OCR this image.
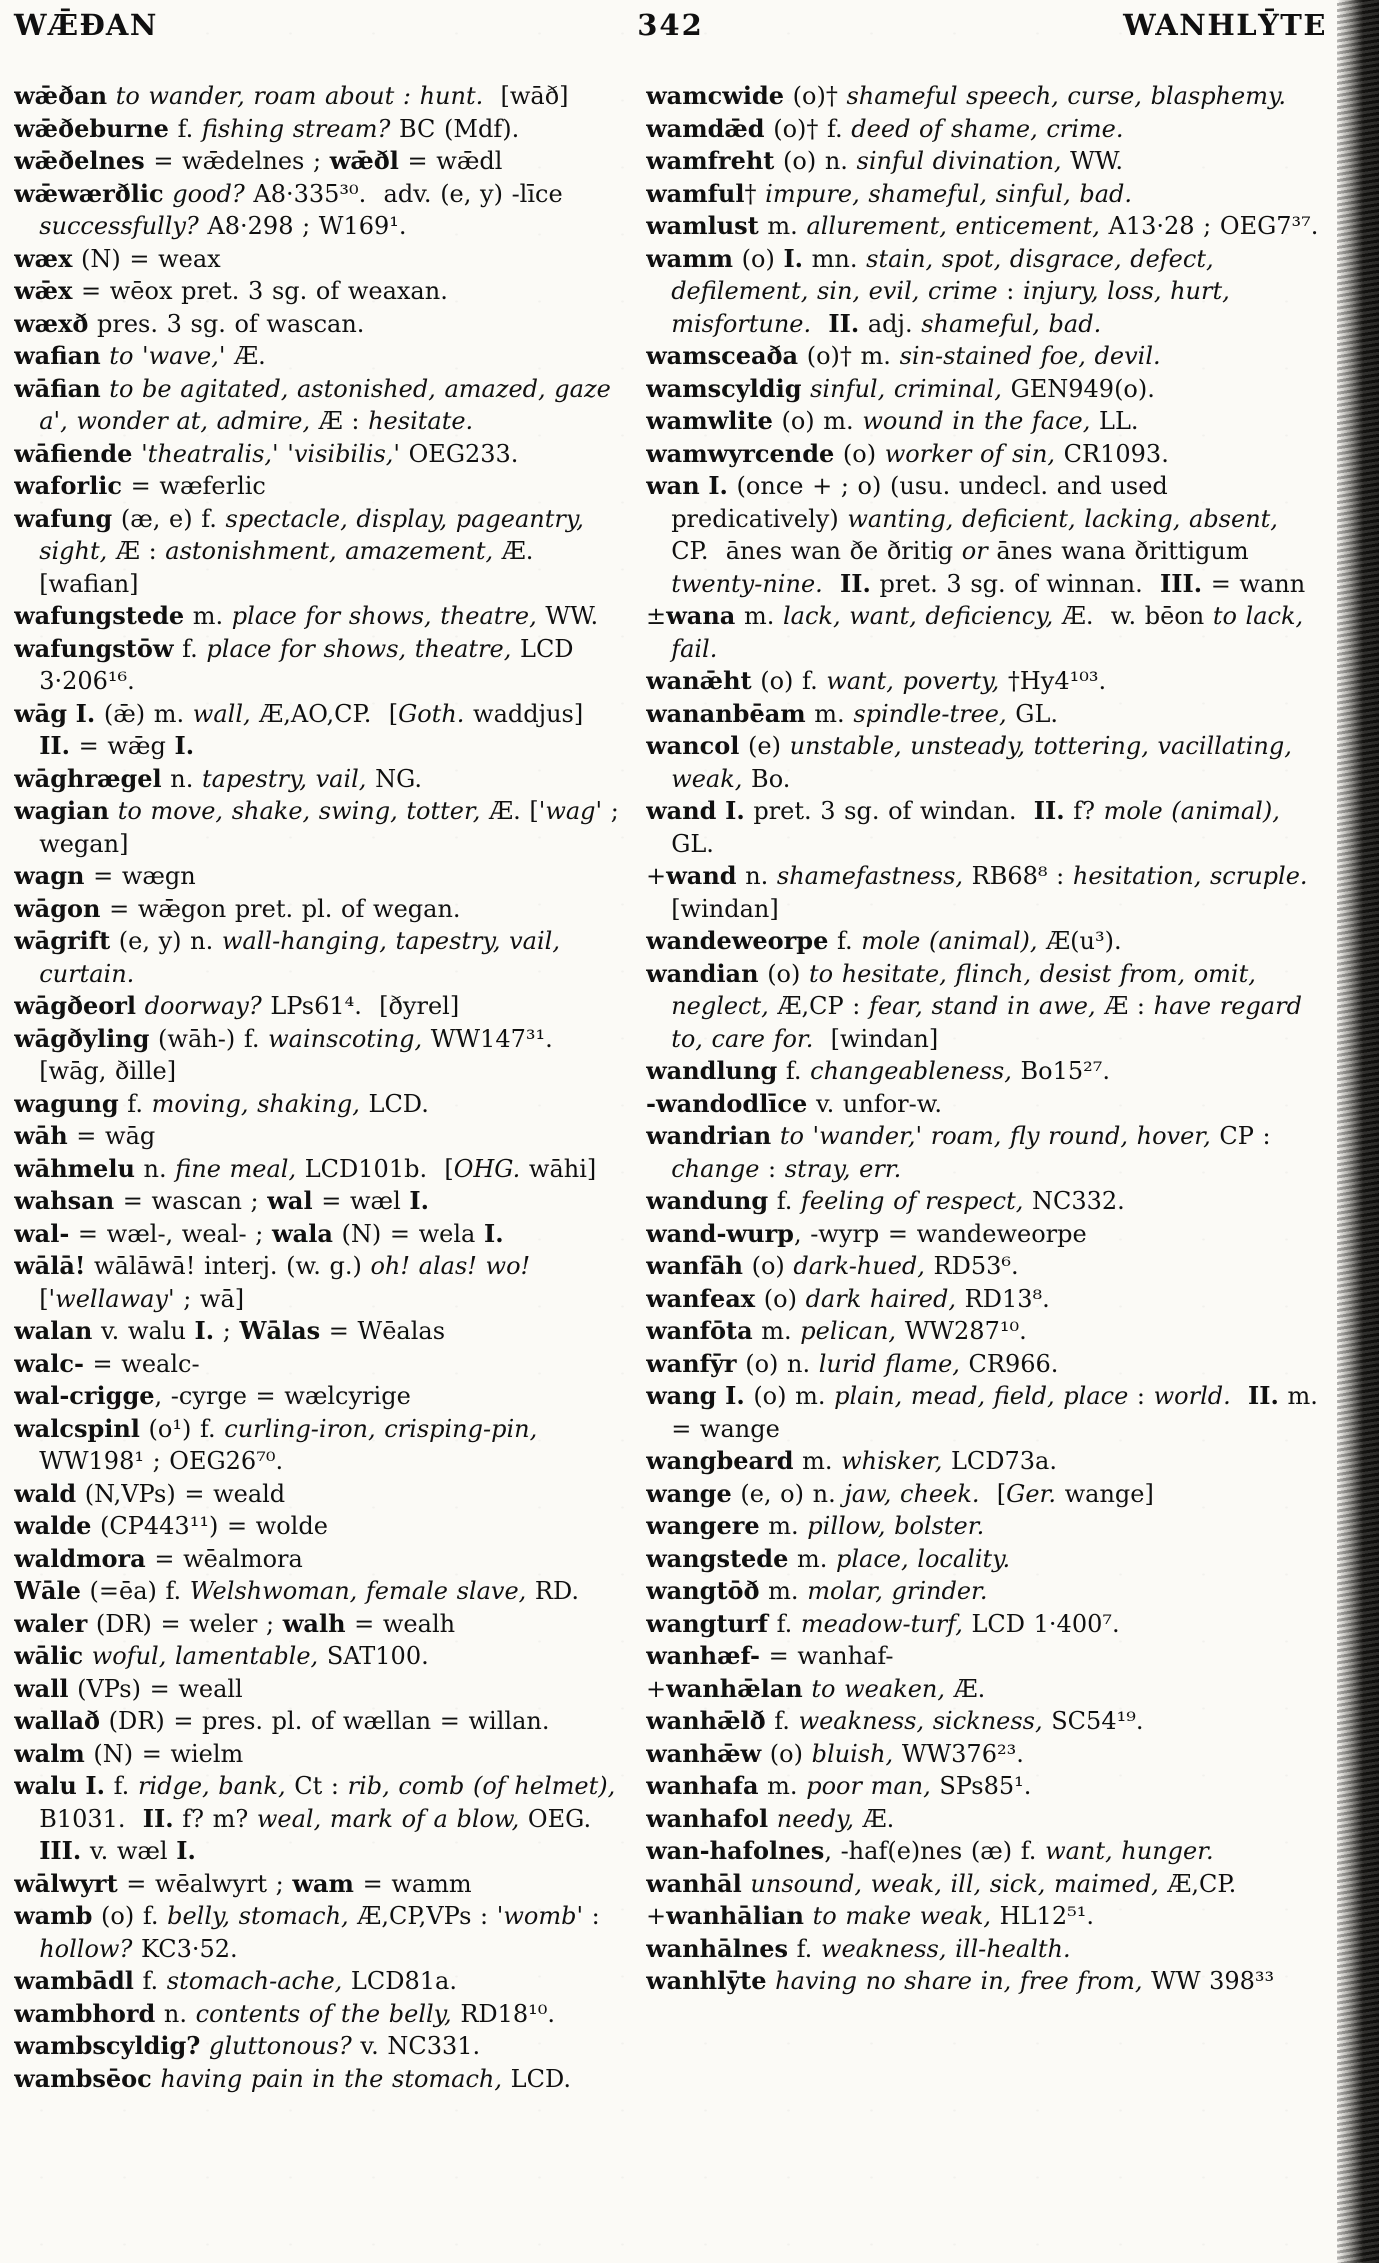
WǢÐAN	342	WANHLȲTE

wǣðan to wander, roam about : hunt.  [wāð]

wǣðeburne f. fishing stream? BC (Mdf).

wǣðelnes = wǣdelnes ; wǣðl = wǣdl

wǣwærðlic good? A8·335³⁰.  adv. (e, y) -līce successfully? A8·298 ; W169¹.

wæx (N) = weax

wǣx = wēox pret. 3 sg. of weaxan.

wæxð pres. 3 sg. of wascan.

wafian to 'wave,' Æ.

wāfian to be agitated, astonished, amazed, gaze a', wonder at, admire, Æ : hesitate.

wāfiende 'theatralis,' 'visibilis,' OEG233.

waforlic = wæferlic

wafung (æ, e) f. spectacle, display, pageantry, sight, Æ : astonishment, amazement, Æ. [wafian]

wafungstede m. place for shows, theatre, WW.

wafungstōw f. place for shows, theatre, LCD 3·206¹⁶.

wāg I. (ǣ) m. wall, Æ,AO,CP.  [Goth. waddjus]  II. = wǣg I.

wāghrægel n. tapestry, vail, NG.

wagian to move, shake, swing, totter, Æ. ['wag' ; wegan]

wagn = wægn

wāgon = wǣgon pret. pl. of wegan.

wāgrift (e, y) n. wall-hanging, tapestry, vail, curtain.

wāgðeorl doorway? LPs61⁴.  [ðyrel]

wāgðyling (wāh-) f. wainscoting, WW147³¹. [wāg, ðille]

wagung f. moving, shaking, LCD.

wāh = wāg

wāhmelu n. fine meal, LCD101b.  [OHG. wāhi]

wahsan = wascan ; wal = wæl I.

wal- = wæl-, weal- ; wala (N) = wela I.

wālā! wālāwā! interj. (w. g.) oh! alas! wo! ['wellaway' ; wā]

walan v. walu I. ; Wālas = Wēalas

walc- = wealc-

wal-crigge, -cyrge = wælcyrige

walcspinl (o¹) f. curling-iron, crisping-pin, WW198¹ ; OEG26⁷⁰.

wald (N,VPs) = weald

walde (CP443¹¹) = wolde

waldmora = wēalmora

Wāle (=ēa) f. Welshwoman, female slave, RD.

waler (DR) = weler ; walh = wealh

wālic woful, lamentable, SAT100.

wall (VPs) = weall

wallað (DR) = pres. pl. of wællan = willan.

walm (N) = wielm

walu I. f. ridge, bank, Ct : rib, comb (of helmet), B1031.  II. f? m? weal, mark of a blow, OEG.  III. v. wæl I.

wālwyrt = wēalwyrt ; wam = wamm

wamb (o) f. belly, stomach, Æ,CP,VPs : 'womb' : hollow? KC3·52.

wambādl f. stomach-ache, LCD81a.

wambhord n. contents of the belly, RD18¹⁰.

wambscyldig? gluttonous? v. NC331.

wambsēoc having pain in the stomach, LCD.

wamcwide (o)† shameful speech, curse, blasphemy.

wamdǣd (o)† f. deed of shame, crime.

wamfreht (o) n. sinful divination, WW.

wamful† impure, shameful, sinful, bad.

wamlust m. allurement, enticement, A13·28 ; OEG7³⁷.

wamm (o) I. mn. stain, spot, disgrace, defect, defilement, sin, evil, crime : injury, loss, hurt, misfortune. II. adj. shameful, bad.

wamsceaða (o)† m. sin-stained foe, devil.

wamscyldig sinful, criminal, GEN949(o).

wamwlite (o) m. wound in the face, LL.

wamwyrcende (o) worker of sin, CR1093.

wan I. (once + ; o) (usu. undecl. and used predicatively) wanting, deficient, lacking, absent, CP.  ānes wan ðe ðritig or ānes wana ðrittigum twenty-nine. II. pret. 3 sg. of winnan.  III. = wann

±wana m. lack, want, deficiency, Æ.  w. bēon to lack, fail.

wanǣht (o) f. want, poverty, †Hy4¹⁰³.

wananbēam m. spindle-tree, GL.

wancol (e) unstable, unsteady, tottering, vacillating, weak, Bo.

wand I. pret. 3 sg. of windan.  II. f? mole (animal), GL.

+wand n. shamefastness, RB68⁸ : hesitation, scruple.  [windan]

wandeweorpe f. mole (animal), Æ(u³).

wandian (o) to hesitate, flinch, desist from, omit, neglect, Æ,CP : fear, stand in awe, Æ : have regard to, care for.  [windan]

wandlung f. changeableness, Bo15²⁷.

-wandodlīce v. unfor-w.

wandrian to 'wander,' roam, fly round, hover, CP : change : stray, err.

wandung f. feeling of respect, NC332.

wand-wurp, -wyrp = wandeweorpe

wanfāh (o) dark-hued, RD53⁶.

wanfeax (o) dark haired, RD13⁸.

wanfōta m. pelican, WW287¹⁰.

wanfȳr (o) n. lurid flame, CR966.

wang I. (o) m. plain, mead, field, place : world. II. m. = wange

wangbeard m. whisker, LCD73a.

wange (e, o) n. jaw, cheek.  [Ger. wange]

wangere m. pillow, bolster.

wangstede m. place, locality.

wangtōð m. molar, grinder.

wangturf f. meadow-turf, LCD 1·400⁷.

wanhæf- = wanhaf-

+wanhǣlan to weaken, Æ.

wanhǣlð f. weakness, sickness, SC54¹⁹.

wanhǣw (o) bluish, WW376²³.

wanhafa m. poor man, SPs85¹.

wanhafol needy, Æ.

wan-hafolnes, -haf(e)nes (æ) f. want, hunger.

wanhāl unsound, weak, ill, sick, maimed, Æ,CP.

+wanhālian to make weak, HL12⁵¹.

wanhālnes f. weakness, ill-health.

wanhlȳte having no share in, free from, WW 398³³
